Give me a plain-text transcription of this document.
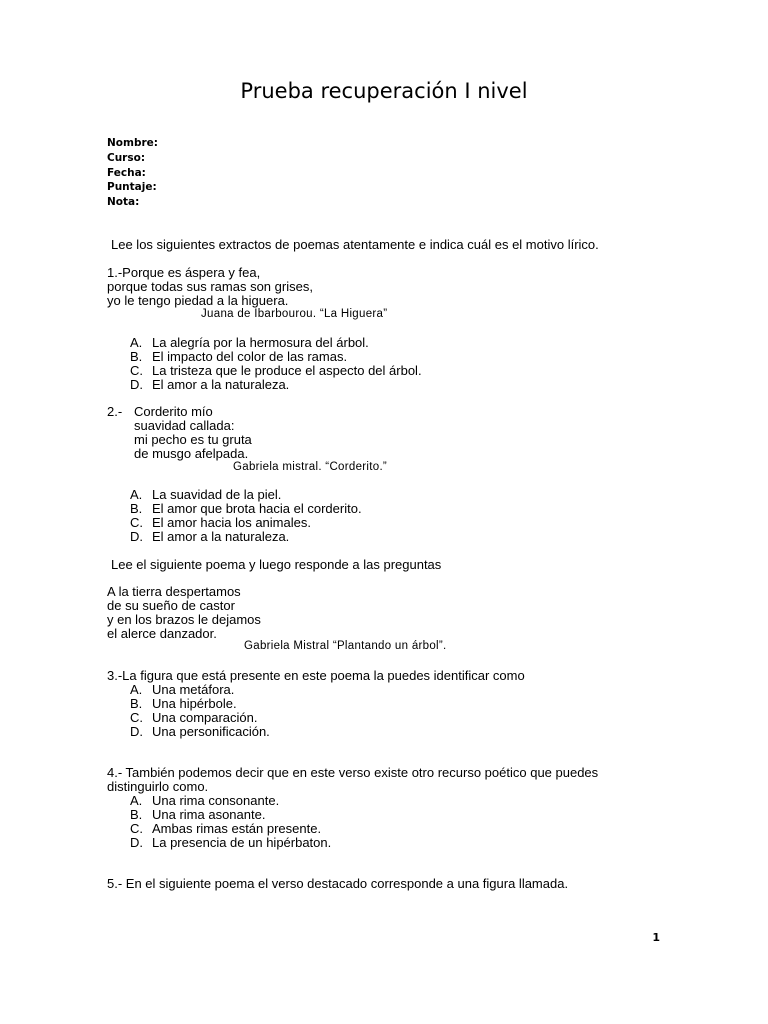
Prueba recuperación I nivel
Nombre:
Curso:
Fecha:
Puntaje:
Nota:
Lee los siguientes extractos de poemas atentamente e indica cuál es el motivo lírico.
1.-Porque es áspera y fea,
porque todas sus ramas son grises,
yo le tengo piedad a la higuera.
Juana de Ibarbourou. “La Higuera”
A. La alegría por la hermosura del árbol.
B. El impacto del color de las ramas.
C. La tristeza que le produce el aspecto del árbol.
D. El amor a la naturaleza.
2.- Corderito mío
suavidad callada:
mi pecho es tu gruta
de musgo afelpada.
Gabriela mistral. “Corderito.”
A. La suavidad de la piel.
B. El amor que brota hacia el corderito.
C. El amor hacia los animales.
D. El amor a la naturaleza.
Lee el siguiente poema y luego responde a las preguntas
A la tierra despertamos
de su sueño de castor
y en los brazos le dejamos
el alerce danzador.
Gabriela Mistral “Plantando un árbol”.
3.-La figura que está presente en este poema la puedes identificar como
A. Una metáfora.
B. Una hipérbole.
C. Una comparación.
D. Una personificación.
4.- También podemos decir que en este verso existe otro recurso poético que puedes
distinguirlo como.
A. Una rima consonante.
B. Una rima asonante.
C. Ambas rimas están presente.
D. La presencia de un hipérbaton.
5.- En el siguiente poema el verso destacado corresponde a una figura llamada.
1
